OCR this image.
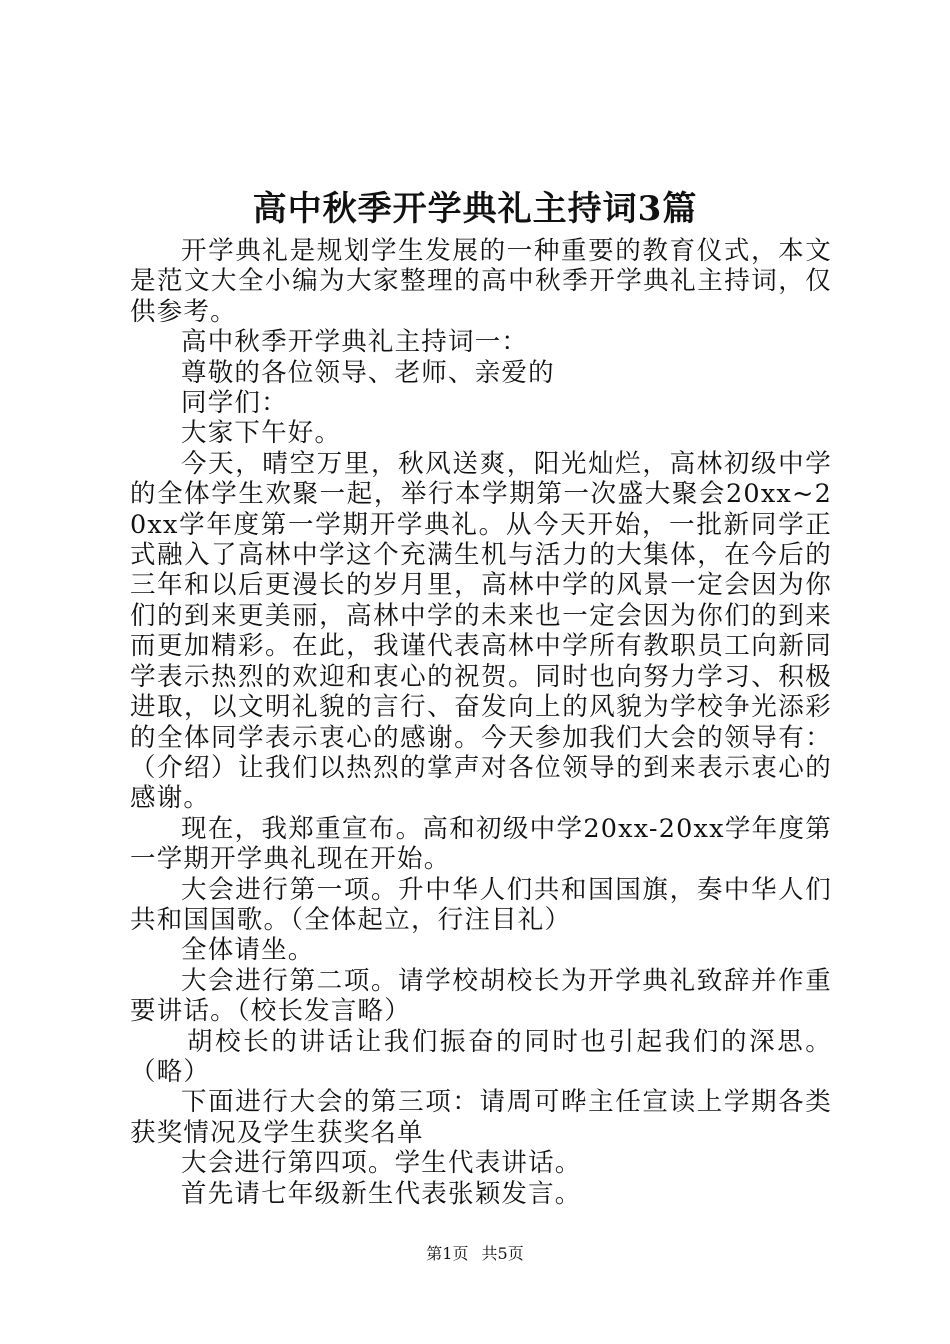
高中秋季开学典礼主持词3篇

开学典礼是规划学生发展的一种重要的教育仪式，本文是范文大全小编为大家整理的高中秋季开学典礼主持词，仅供参考。

高中秋季开学典礼主持词一：

尊敬的各位领导、老师、亲爱的

同学们：

大家下午好。

今天，晴空万里，秋风送爽，阳光灿烂，高林初级中学的全体学生欢聚一起，举行本学期第一次盛大聚会20xx~20xx学年度第一学期开学典礼。从今天开始，一批新同学正式融入了高林中学这个充满生机与活力的大集体，在今后的三年和以后更漫长的岁月里，高林中学的风景一定会因为你们的到来更美丽，高林中学的未来也一定会因为你们的到来而更加精彩。在此，我谨代表高林中学所有教职员工向新同学表示热烈的欢迎和衷心的祝贺。同时也向努力学习、积极进取，以文明礼貌的言行、奋发向上的风貌为学校争光添彩的全体同学表示衷心的感谢。今天参加我们大会的领导有：（介绍）让我们以热烈的掌声对各位领导的到来表示衷心的感谢。

现在，我郑重宣布。高和初级中学20xx-20xx学年度第一学期开学典礼现在开始。

大会进行第一项。升中华人们共和国国旗，奏中华人们共和国国歌。（全体起立，行注目礼）

全体请坐。

大会进行第二项。请学校胡校长为开学典礼致辞并作重要讲话。（校长发言略）

胡校长的讲话让我们振奋的同时也引起我们的深思。（略）

下面进行大会的第三项：请周可晔主任宣读上学期各类获奖情况及学生获奖名单

大会进行第四项。学生代表讲话。

首先请七年级新生代表张颖发言。

第1页 共5页
